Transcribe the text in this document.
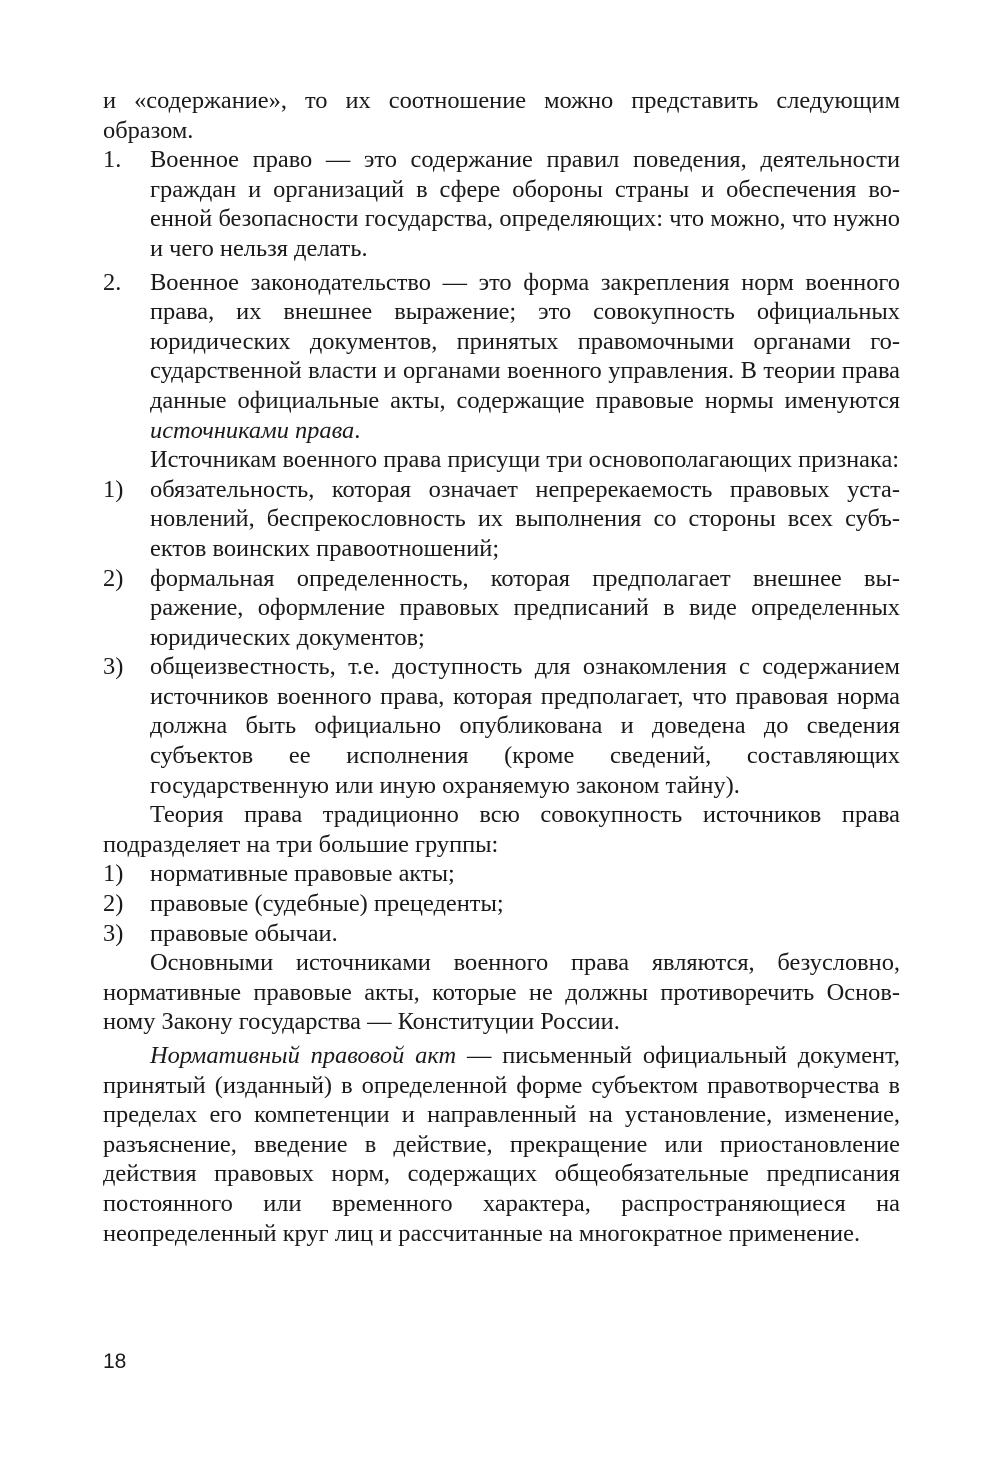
и «содержание», то их соотношение можно представить следующим образом.

1.	Военное право — это содержание правил поведения, деятельности граждан и организаций в сфере обороны страны и обеспечения военной безопасности государства, определяющих: что можно, что нужно и чего нельзя делать.
2.	Военное законодательство — это форма закрепления норм военного права, их внешнее выражение; это совокупность официальных юридических документов, принятых правомочными органами государственной власти и органами военного управления. В теории права данные официальные акты, содержащие правовые нормы именуются источниками права.

Источникам военного права присущи три основополагающих признака:

1)	обязательность, которая означает непререкаемость правовых установлений, беспрекословность их выполнения со стороны всех субъектов воинских правоотношений;
2)	формальная определенность, которая предполагает внешнее выражение, оформление правовых предписаний в виде определенных юридических документов;
3)	общеизвестность, т.е. доступность для ознакомления с содержанием источников военного права, которая предполагает, что правовая норма должна быть официально опубликована и доведена до сведения субъектов ее исполнения (кроме сведений, составляющих государственную или иную охраняемую законом тайну).

Теория права традиционно всю совокупность источников права подразделяет на три большие группы:

1)	нормативные правовые акты;
2)	правовые (судебные) прецеденты;
3)	правовые обычаи.

Основными источниками военного права являются, безусловно, нормативные правовые акты, которые не должны противоречить Основному Закону государства — Конституции России.

Нормативный правовой акт — письменный официальный документ, принятый (изданный) в определенной форме субъектом правотворчества в пределах его компетенции и направленный на установление, изменение, разъяснение, введение в действие, прекращение или приостановление действия правовых норм, содержащих общеобязательные предписания постоянного или временного характера, распространяющиеся на неопределенный круг лиц и рассчитанные на многократное применение.

18
